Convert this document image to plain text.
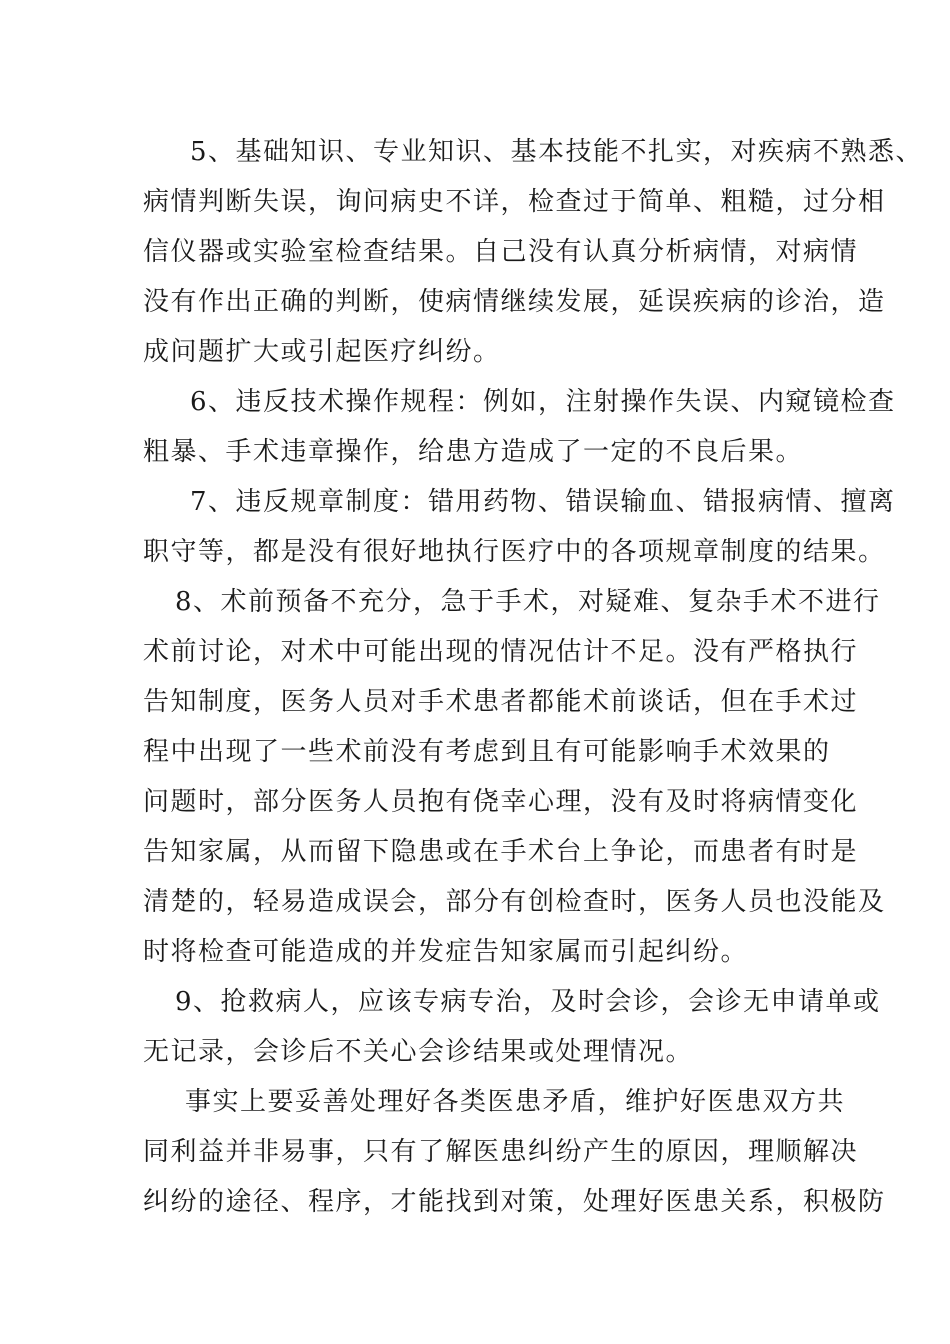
5、基础知识、专业知识、基本技能不扎实，对疾病不熟悉、
病情判断失误，询问病史不详，检查过于简单、粗糙，过分相
信仪器或实验室检查结果。自己没有认真分析病情，对病情
没有作出正确的判断，使病情继续发展，延误疾病的诊治，造
成问题扩大或引起医疗纠纷。
6、违反技术操作规程：例如，注射操作失误、内窥镜检查
粗暴、手术违章操作，给患方造成了一定的不良后果。
7、违反规章制度：错用药物、错误输血、错报病情、擅离
职守等，都是没有很好地执行医疗中的各项规章制度的结果。
8、术前预备不充分，急于手术，对疑难、复杂手术不进行
术前讨论，对术中可能出现的情况估计不足。没有严格执行
告知制度，医务人员对手术患者都能术前谈话，但在手术过
程中出现了一些术前没有考虑到且有可能影响手术效果的
问题时，部分医务人员抱有侥幸心理，没有及时将病情变化
告知家属，从而留下隐患或在手术台上争论，而患者有时是
清楚的，轻易造成误会，部分有创检查时，医务人员也没能及
时将检查可能造成的并发症告知家属而引起纠纷。
9、抢救病人，应该专病专治，及时会诊，会诊无申请单或
无记录，会诊后不关心会诊结果或处理情况。
事实上要妥善处理好各类医患矛盾，维护好医患双方共
同利益并非易事，只有了解医患纠纷产生的原因，理顺解决
纠纷的途径、程序，才能找到对策，处理好医患关系，积极防
